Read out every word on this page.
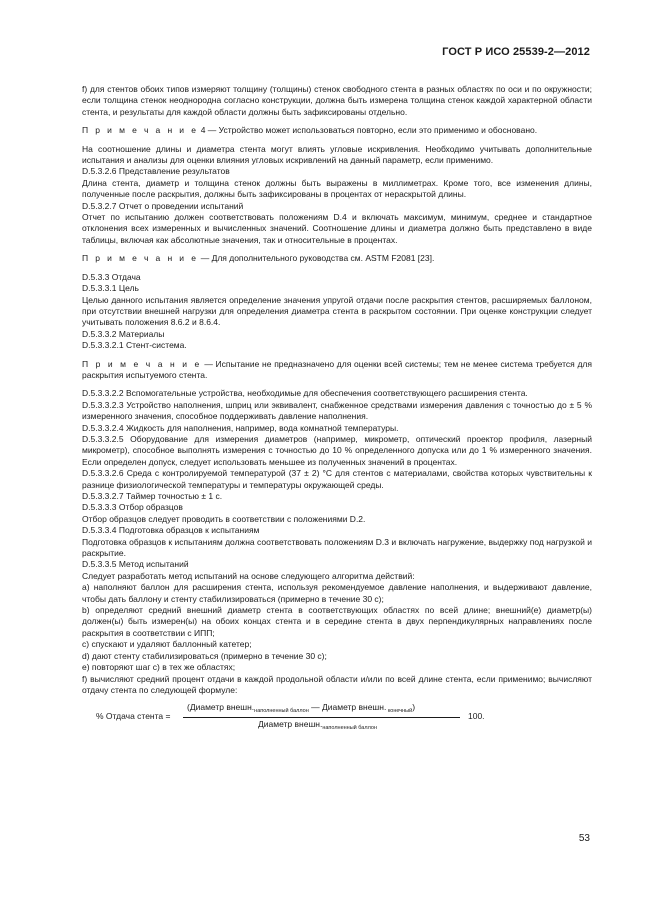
ГОСТ Р ИСО 25539-2—2012

f) для стентов обоих типов измеряют толщину (толщины) стенок свободного стента в разных областях по оси и по окружности; если толщина стенок неоднородна согласно конструкции, должна быть измерена толщина стенок каждой характерной области стента, и результаты для каждой области должны быть зафиксированы отдельно.

П р и м е ч а н и е 4 — Устройство может использоваться повторно, если это применимо и обосновано.

На соотношение длины и диаметра стента могут влиять угловые искривления. Необходимо учитывать дополнительные испытания и анализы для оценки влияния угловых искривлений на данный параметр, если применимо.

D.5.3.2.6 Представление результатов

Длина стента, диаметр и толщина стенок должны быть выражены в миллиметрах. Кроме того, все изменения длины, полученные после раскрытия, должны быть зафиксированы в процентах от нераскрытой длины.

D.5.3.2.7 Отчет о проведении испытаний

Отчет по испытанию должен соответствовать положениям D.4 и включать максимум, минимум, среднее и стандартное отклонения всех измеренных и вычисленных значений. Соотношение длины и диаметра должно быть представлено в виде таблицы, включая как абсолютные значения, так и относительные в процентах.

П р и м е ч а н и е — Для дополнительного руководства см. ASTM F2081 [23].

D.5.3.3 Отдача

D.5.3.3.1 Цель

Целью данного испытания является определение значения упругой отдачи после раскрытия стентов, расширяемых баллоном, при отсутствии внешней нагрузки для определения диаметра стента в раскрытом состоянии. При оценке конструкции следует учитывать положения 8.6.2 и 8.6.4.

D.5.3.3.2 Материалы

D.5.3.3.2.1 Стент-система.

П р и м е ч а н и е — Испытание не предназначено для оценки всей системы; тем не менее система требуется для раскрытия испытуемого стента.

D.5.3.3.2.2 Вспомогательные устройства, необходимые для обеспечения соответствующего расширения стента.

D.5.3.3.2.3 Устройство наполнения, шприц или эквивалент, снабженное средствами измерения давления с точностью до ± 5 % измеренного значения, способное поддерживать давление наполнения.

D.5.3.3.2.4 Жидкость для наполнения, например, вода комнатной температуры.

D.5.3.3.2.5 Оборудование для измерения диаметров (например, микрометр, оптический проектор профиля, лазерный микрометр), способное выполнять измерения с точностью до 10 % определенного допуска или до 1 % измеренного значения. Если определен допуск, следует использовать меньшее из полученных значений в процентах.

D.5.3.3.2.6 Среда с контролируемой температурой (37 ± 2) °С для стентов с материалами, свойства которых чувствительны к разнице физиологической температуры и температуры окружающей среды.

D.5.3.3.2.7 Таймер точностью ± 1 с.

D.5.3.3.3 Отбор образцов

Отбор образцов следует проводить в соответствии с положениями D.2.

D.5.3.3.4 Подготовка образцов к испытаниям

Подготовка образцов к испытаниям должна соответствовать положениям D.3 и включать нагружение, выдержку под нагрузкой и раскрытие.

D.5.3.3.5 Метод испытаний

Следует разработать метод испытаний на основе следующего алгоритма действий:

a) наполняют баллон для расширения стента, используя рекомендуемое давление наполнения, и выдерживают давление, чтобы дать баллону и стенту стабилизироваться (примерно в течение 30 с);

b) определяют средний внешний диаметр стента в соответствующих областях по всей длине; внешний(е) диаметр(ы) должен(ы) быть измерен(ы) на обоих концах стента и в середине стента в двух перпендикулярных направлениях после раскрытия в соответствии с ИПП;

c) спускают и удаляют баллонный катетер;

d) дают стенту стабилизироваться (примерно в течение 30 с);

e) повторяют шаг c) в тех же областях;

f) вычисляют средний процент отдачи в каждой продольной области и/или по всей длине стента, если применимо; вычисляют отдачу стента по следующей формуле:

% Отдача стента =
(Диаметр $внешн._{наполненный баллон}$ — Диаметр внешн. $_{конечный}$)
Диаметр $внешн._{наполненный баллон}$
100.
53
